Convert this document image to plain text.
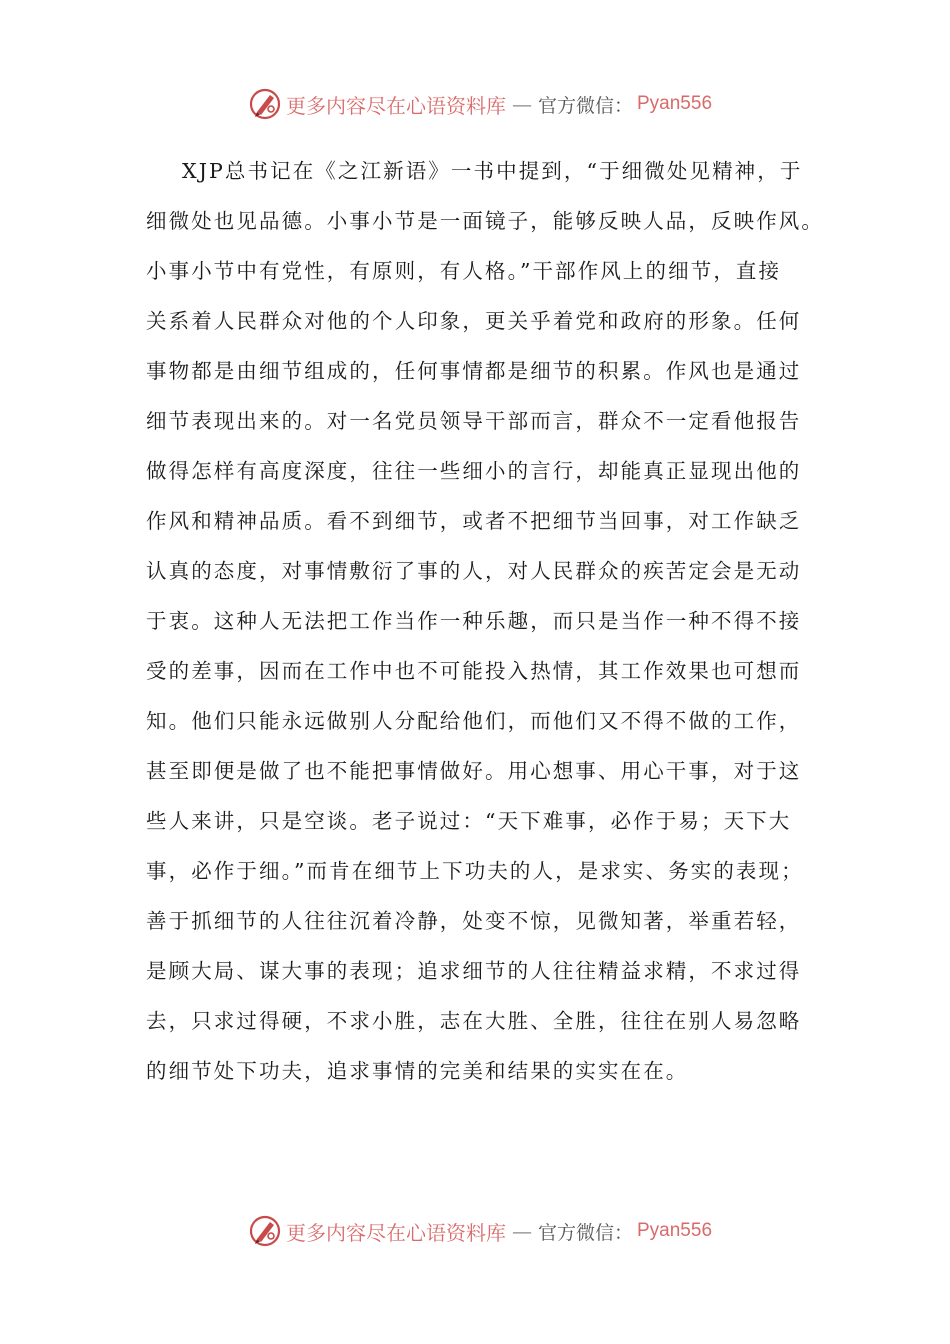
更多内容尽在心语资料库 — 官方微信： Pyan556
XJP总书记在《之江新语》一书中提到，“于细微处见精神，于
细微处也见品德。小事小节是一面镜子，能够反映人品，反映作风。
小事小节中有党性，有原则，有人格。”干部作风上的细节，直接
关系着人民群众对他的个人印象，更关乎着党和政府的形象。任何
事物都是由细节组成的，任何事情都是细节的积累。作风也是通过
细节表现出来的。对一名党员领导干部而言，群众不一定看他报告
做得怎样有高度深度，往往一些细小的言行，却能真正显现出他的
作风和精神品质。看不到细节，或者不把细节当回事，对工作缺乏
认真的态度，对事情敷衍了事的人，对人民群众的疾苦定会是无动
于衷。这种人无法把工作当作一种乐趣，而只是当作一种不得不接
受的差事，因而在工作中也不可能投入热情，其工作效果也可想而
知。他们只能永远做别人分配给他们，而他们又不得不做的工作，
甚至即便是做了也不能把事情做好。用心想事、用心干事，对于这
些人来讲，只是空谈。老子说过：“天下难事，必作于易；天下大
事，必作于细。”而肯在细节上下功夫的人，是求实、务实的表现；
善于抓细节的人往往沉着冷静，处变不惊，见微知著，举重若轻，
是顾大局、谋大事的表现；追求细节的人往往精益求精，不求过得
去，只求过得硬，不求小胜，志在大胜、全胜，往往在别人易忽略
的细节处下功夫，追求事情的完美和结果的实实在在。
更多内容尽在心语资料库 — 官方微信： Pyan556
